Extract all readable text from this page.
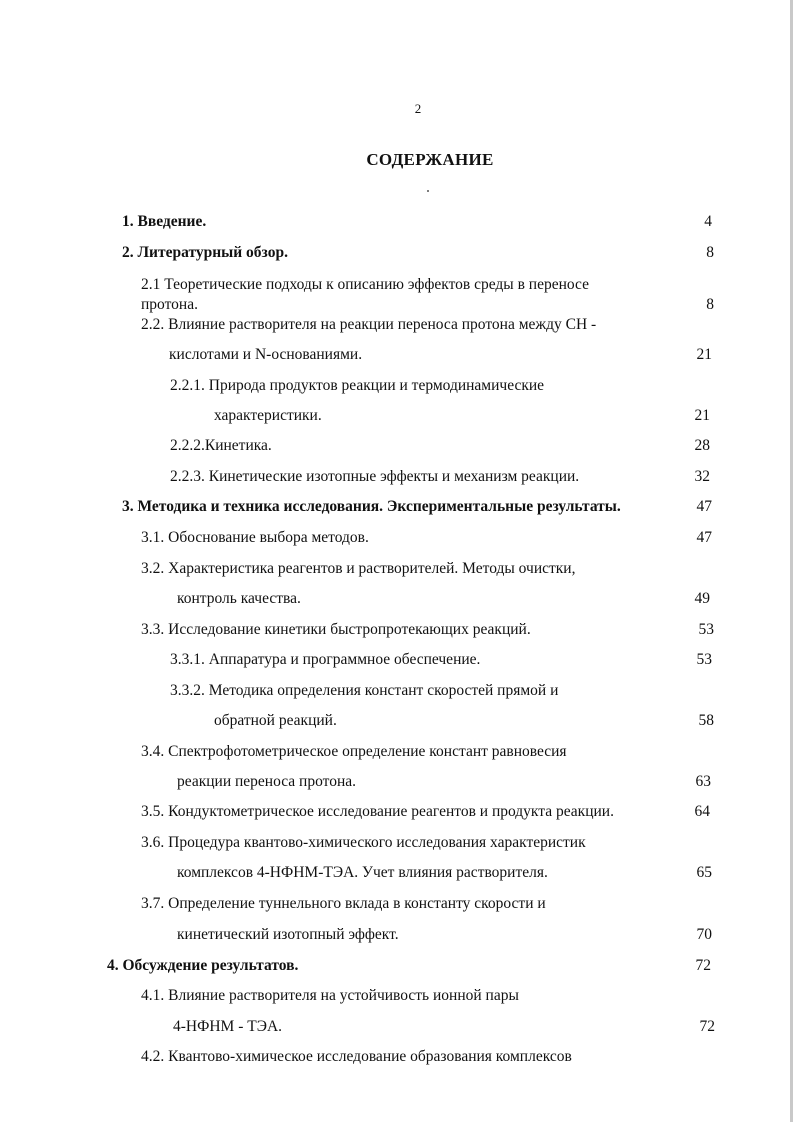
2
СОДЕРЖАНИЕ
1. Введение.	4
2. Литературный обзор.	8
2.1 Теоретические подходы к описанию эффектов среды в переносе
протона.	8
2.2. Влияние растворителя на реакции переноса протона между CH -
кислотами и N-основаниями.	21
2.2.1. Природа продуктов реакции и термодинамические
характеристики.	21
2.2.2.Кинетика.	28
2.2.3. Кинетические изотопные эффекты и механизм реакции.	32
3. Методика и техника исследования. Экспериментальные результаты.	47
3.1. Обоснование выбора методов.	47
3.2. Характеристика реагентов и растворителей. Методы очистки,
контроль качества.	49
3.3. Исследование кинетики быстропротекающих реакций.	53
3.3.1. Аппаратура и программное обеспечение.	53
3.3.2. Методика определения констант скоростей прямой и
обратной реакций.	58
3.4. Спектрофотометрическое определение констант равновесия
реакции переноса протона.	63
3.5. Кондуктометрическое исследование реагентов и продукта реакции.	64
3.6. Процедура квантово-химического исследования характеристик
комплексов 4-НФНМ-ТЭА. Учет влияния растворителя.	65
3.7. Определение туннельного вклада в константу скорости и
кинетический изотопный эффект.	70
4. Обсуждение результатов.	72
4.1. Влияние растворителя на устойчивость ионной пары
4-НФНМ - ТЭА.	72
4.2. Квантово-химическое исследование образования комплексов
